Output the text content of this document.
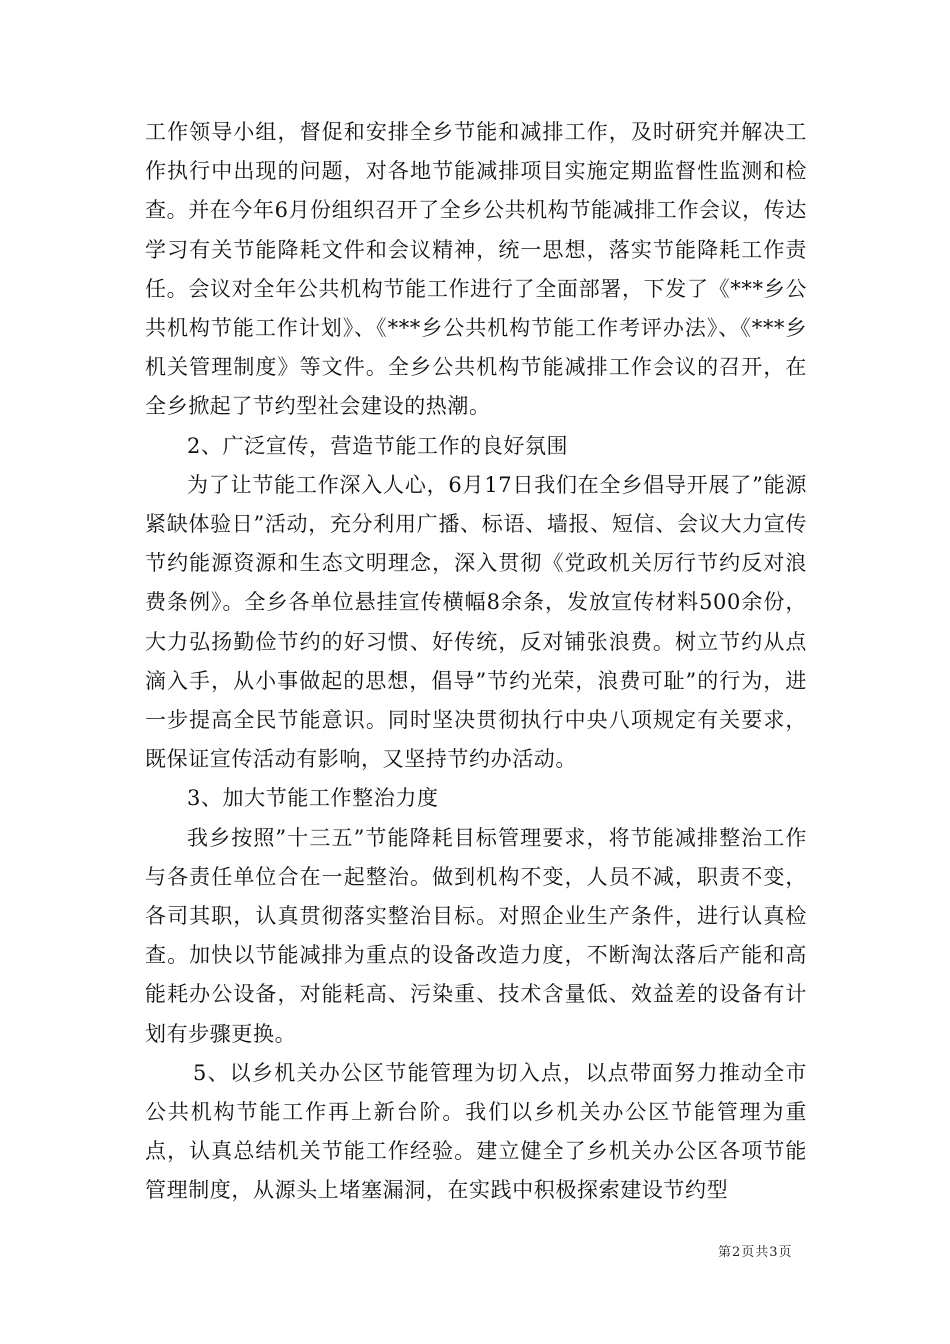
工作领导小组，督促和安排全乡节能和减排工作，及时研究并解决工作执行中出现的问题，对各地节能减排项目实施定期监督性监测和检查。并在今年6月份组织召开了全乡公共机构节能减排工作会议，传达学习有关节能降耗文件和会议精神，统一思想，落实节能降耗工作责任。会议对全年公共机构节能工作进行了全面部署，下发了《***乡公共机构节能工作计划》、《***乡公共机构节能工作考评办法》、《***乡机关管理制度》等文件。全乡公共机构节能减排工作会议的召开，在全乡掀起了节约型社会建设的热潮。

2、广泛宣传，营造节能工作的良好氛围

为了让节能工作深入人心，6月17日我们在全乡倡导开展了”能源紧缺体验日”活动，充分利用广播、标语、墙报、短信、会议大力宣传节约能源资源和生态文明理念，深入贯彻《党政机关厉行节约反对浪费条例》。全乡各单位悬挂宣传横幅8余条，发放宣传材料500余份，大力弘扬勤俭节约的好习惯、好传统，反对铺张浪费。树立节约从点滴入手，从小事做起的思想，倡导”节约光荣，浪费可耻”的行为，进一步提高全民节能意识。同时坚决贯彻执行中央八项规定有关要求，既保证宣传活动有影响，又坚持节约办活动。

3、加大节能工作整治力度

我乡按照”十三五”节能降耗目标管理要求，将节能减排整治工作与各责任单位合在一起整治。做到机构不变，人员不减，职责不变，各司其职，认真贯彻落实整治目标。对照企业生产条件，进行认真检查。加快以节能减排为重点的设备改造力度，不断淘汰落后产能和高能耗办公设备，对能耗高、污染重、技术含量低、效益差的设备有计划有步骤更换。

5、以乡机关办公区节能管理为切入点，以点带面努力推动全市公共机构节能工作再上新台阶。我们以乡机关办公区节能管理为重点，认真总结机关节能工作经验。建立健全了乡机关办公区各项节能管理制度，从源头上堵塞漏洞，在实践中积极探索建设节约型

第2页共3页
